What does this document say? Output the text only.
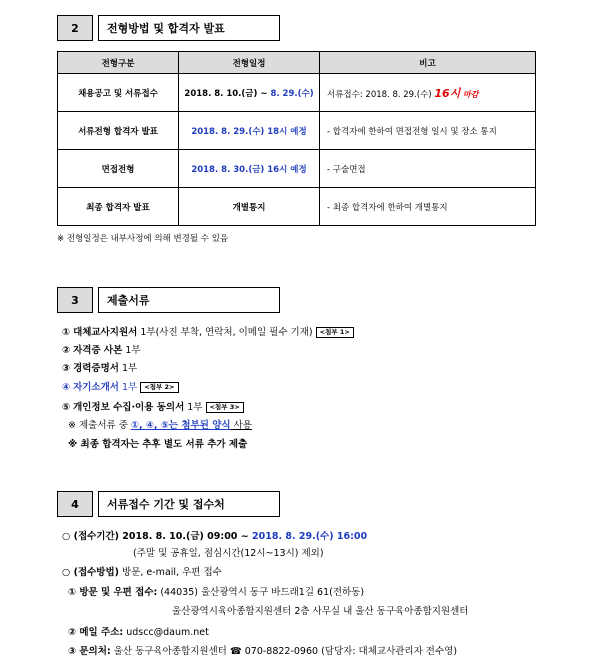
2	전형방법 및 합격자 발표
전형구분	전형일정	비고
채용공고 및 서류접수	2018. 8. 10.(금) ~ 8. 29.(수)	서류접수: 2018. 8. 29.(수) 16시 마감
서류전형 합격자 발표	2018. 8. 29.(수) 18시 예정	- 합격자에 한하여 면접전형 일시 및 장소 통지
면접전형	2018. 8. 30.(금) 16시 예정	- 구술면접
최종 합격자 발표	개별통지	- 최종 합격자에 한하여 개별통지
※ 전형일정은 내부사정에 의해 변경될 수 있음
3	제출서류
① 대체교사지원서 1부(사진 부착, 연락처, 이메일 필수 기재) <첨부 1>
② 자격증 사본 1부
③ 경력증명서 1부
④ 자기소개서 1부 <첨부 2>
⑤ 개인정보 수집·이용 동의서 1부 <첨부 3>
※ 제출서류 중 ①, ④, ⑤는 첨부된 양식 사용
※ 최종 합격자는 추후 별도 서류 추가 제출
4	서류접수 기간 및 접수처
○ (접수기간) 2018. 8. 10.(금) 09:00 ~ 2018. 8. 29.(수) 16:00
(주말 및 공휴일, 점심시간(12시~13시) 제외)
○ (접수방법) 방문, e-mail, 우편 접수
① 방문 및 우편 접수: (44035) 울산광역시 동구 바드래1길 61(전하동)
울산광역시육아종합지원센터 2층 사무실 내 울산 동구육아종합지원센터
② 메일 주소: udscc@daum.net
③ 문의처: 울산 동구육아종합지원센터 ☎ 070-8822-0960 (담당자: 대체교사관리자 전수영)
